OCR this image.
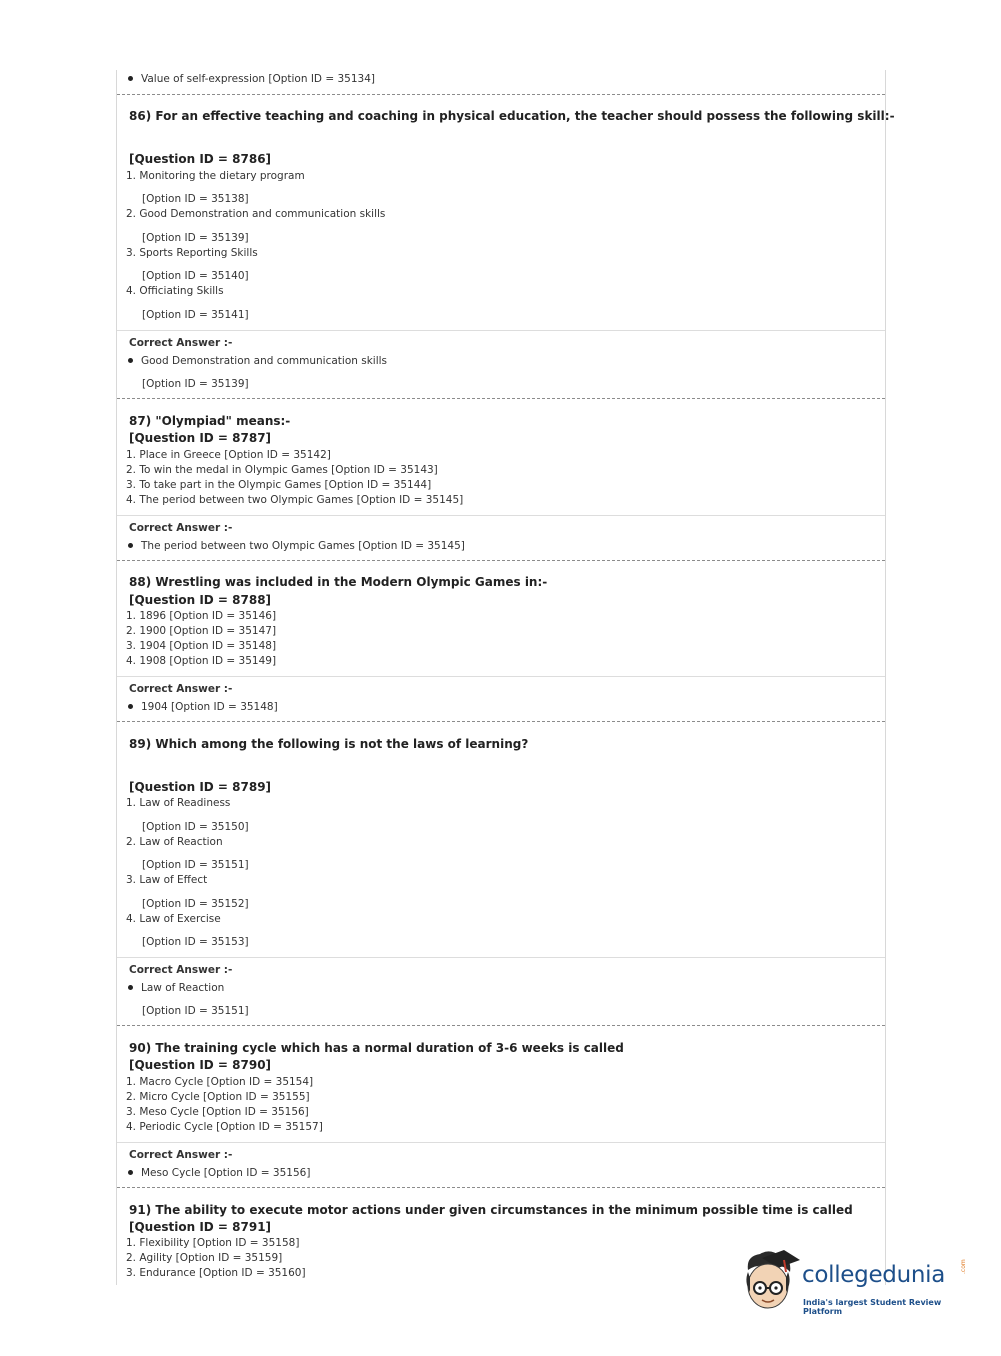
Value of self-expression [Option ID = 35134]
86) For an effective teaching and coaching in physical education, the teacher should possess the following skill:-
[Question ID = 8786]
1. Monitoring the dietary program
[Option ID = 35138]
2. Good Demonstration and communication skills
[Option ID = 35139]
3. Sports Reporting Skills
[Option ID = 35140]
4. Officiating Skills
[Option ID = 35141]
Correct Answer :-
Good Demonstration and communication skills
[Option ID = 35139]
87) "Olympiad" means:-
[Question ID = 8787]
1. Place in Greece [Option ID = 35142]
2. To win the medal in Olympic Games [Option ID = 35143]
3. To take part in the Olympic Games [Option ID = 35144]
4. The period between two Olympic Games [Option ID = 35145]
Correct Answer :-
The period between two Olympic Games [Option ID = 35145]
88) Wrestling was included in the Modern Olympic Games in:-
[Question ID = 8788]
1. 1896 [Option ID = 35146]
2. 1900 [Option ID = 35147]
3. 1904 [Option ID = 35148]
4. 1908 [Option ID = 35149]
Correct Answer :-
1904 [Option ID = 35148]
89) Which among the following is not the laws of learning?
[Question ID = 8789]
1. Law of Readiness
[Option ID = 35150]
2. Law of Reaction
[Option ID = 35151]
3. Law of Effect
[Option ID = 35152]
4. Law of Exercise
[Option ID = 35153]
Correct Answer :-
Law of Reaction
[Option ID = 35151]
90) The training cycle which has a normal duration of 3-6 weeks is called
[Question ID = 8790]
1. Macro Cycle [Option ID = 35154]
2. Micro Cycle [Option ID = 35155]
3. Meso Cycle [Option ID = 35156]
4. Periodic Cycle [Option ID = 35157]
Correct Answer :-
Meso Cycle [Option ID = 35156]
91) The ability to execute motor actions under given circumstances in the minimum possible time is called
[Question ID = 8791]
1. Flexibility [Option ID = 35158]
2. Agility [Option ID = 35159]
3. Endurance [Option ID = 35160]	collegedunia .com
India's largest Student Review Platform
